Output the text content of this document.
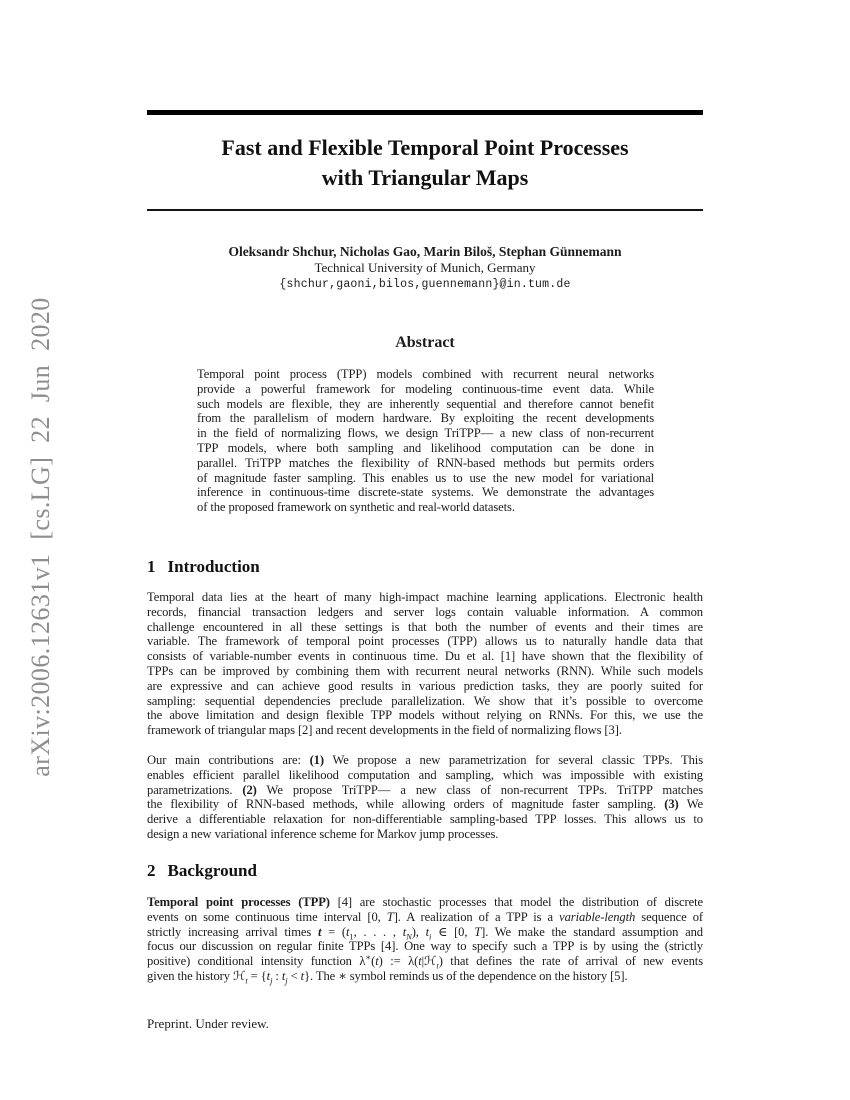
arXiv:2006.12631v1 [cs.LG] 22 Jun 2020
Fast and Flexible Temporal Point Processes
with Triangular Maps
Oleksandr Shchur, Nicholas Gao, Marin Biloš, Stephan Günnemann
Technical University of Munich, Germany
{shchur,gaoni,bilos,guennemann}@in.tum.de
Abstract
Temporal point process (TPP) models combined with recurrent neural networks
provide a powerful framework for modeling continuous-time event data. While
such models are flexible, they are inherently sequential and therefore cannot benefit
from the parallelism of modern hardware. By exploiting the recent developments
in the field of normalizing flows, we design TriTPP— a new class of non-recurrent
TPP models, where both sampling and likelihood computation can be done in
parallel. TriTPP matches the flexibility of RNN-based methods but permits orders
of magnitude faster sampling. This enables us to use the new model for variational
inference in continuous-time discrete-state systems. We demonstrate the advantages
of the proposed framework on synthetic and real-world datasets.
1 Introduction
Temporal data lies at the heart of many high-impact machine learning applications. Electronic health
records, financial transaction ledgers and server logs contain valuable information. A common
challenge encountered in all these settings is that both the number of events and their times are
variable. The framework of temporal point processes (TPP) allows us to naturally handle data that
consists of variable-number events in continuous time. Du et al. [1] have shown that the flexibility of
TPPs can be improved by combining them with recurrent neural networks (RNN). While such models
are expressive and can achieve good results in various prediction tasks, they are poorly suited for
sampling: sequential dependencies preclude parallelization. We show that it’s possible to overcome
the above limitation and design flexible TPP models without relying on RNNs. For this, we use the
framework of triangular maps [2] and recent developments in the field of normalizing flows [3].
Our main contributions are: (1) We propose a new parametrization for several classic TPPs. This
enables efficient parallel likelihood computation and sampling, which was impossible with existing
parametrizations. (2) We propose TriTPP— a new class of non-recurrent TPPs. TriTPP matches
the flexibility of RNN-based methods, while allowing orders of magnitude faster sampling. (3) We
derive a differentiable relaxation for non-differentiable sampling-based TPP losses. This allows us to
design a new variational inference scheme for Markov jump processes.
2 Background
Temporal point processes (TPP) [4] are stochastic processes that model the distribution of discrete
events on some continuous time interval [0, T]. A realization of a TPP is a variable-length sequence of
strictly increasing arrival times $t = (t_1$, . . . , $t_N$), $t_i$ ∈ [0, T]. We make the standard assumption and
focus our discussion on regular finite TPPs [4]. One way to specify such a TPP is by using the (strictly
positive) conditional intensity function λ∗(t) := λ(t|ℋ$_t$) that defines the rate of arrival of new events
given the history ℋ$_t$ = {$t_j$ : $t_j < t$}. The ∗ symbol reminds us of the dependence on the history [5].
Preprint. Under review.
